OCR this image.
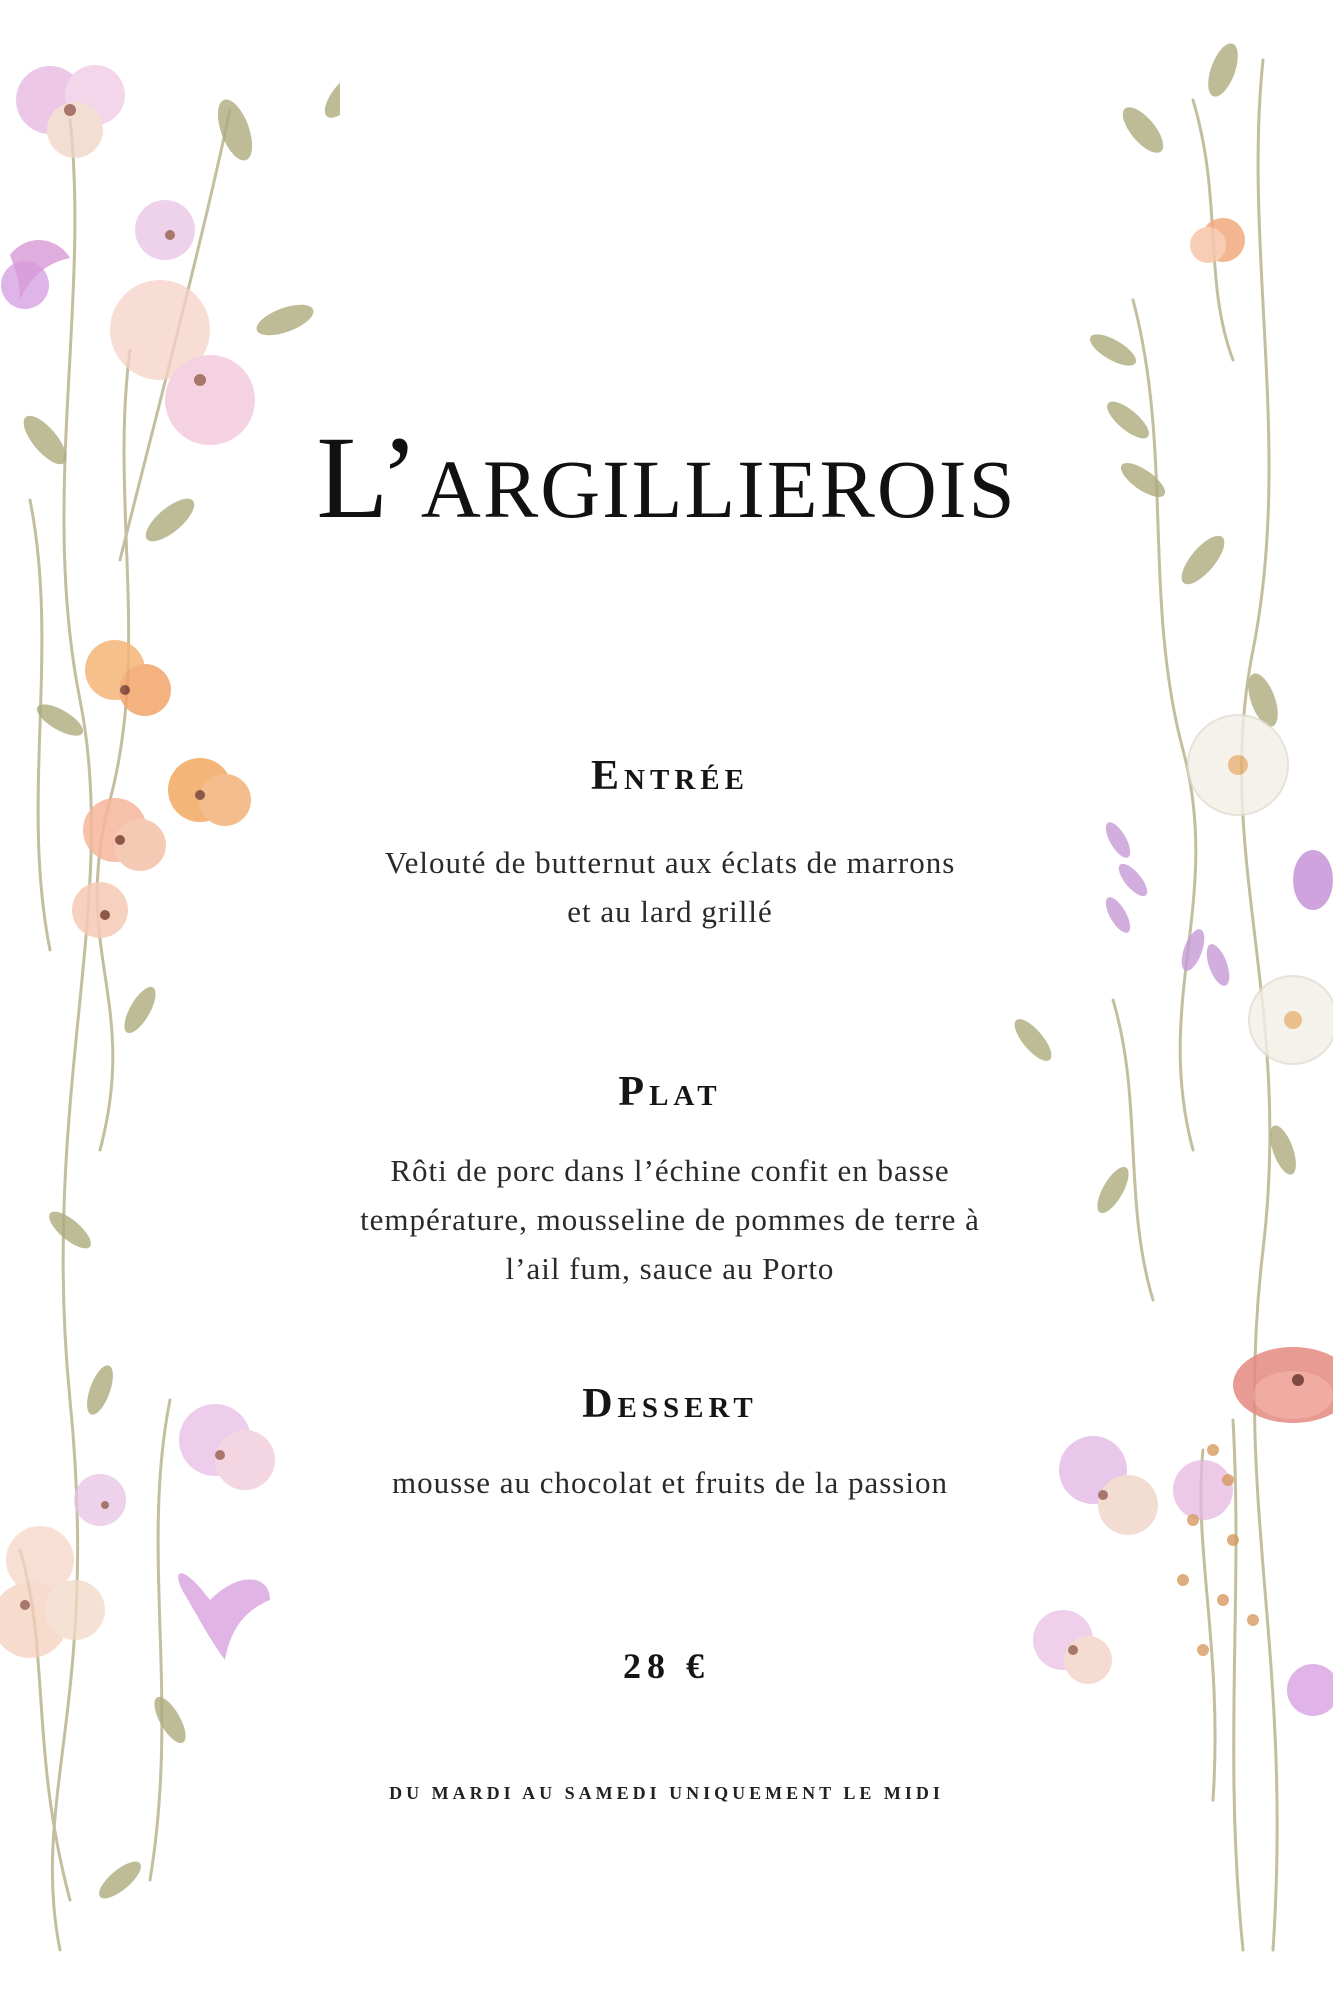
L’argillierois
Entrée

Velouté de butternut aux éclats de marrons et au lard grillé

Plat

Rôti de porc dans l’échine confit en basse température, mousseline de pommes de terre à l’ail fum, sauce au Porto

Dessert

mousse au chocolat et fruits de la passion

28 €
DU MARDI AU SAMEDI UNIQUEMENT LE MIDI
